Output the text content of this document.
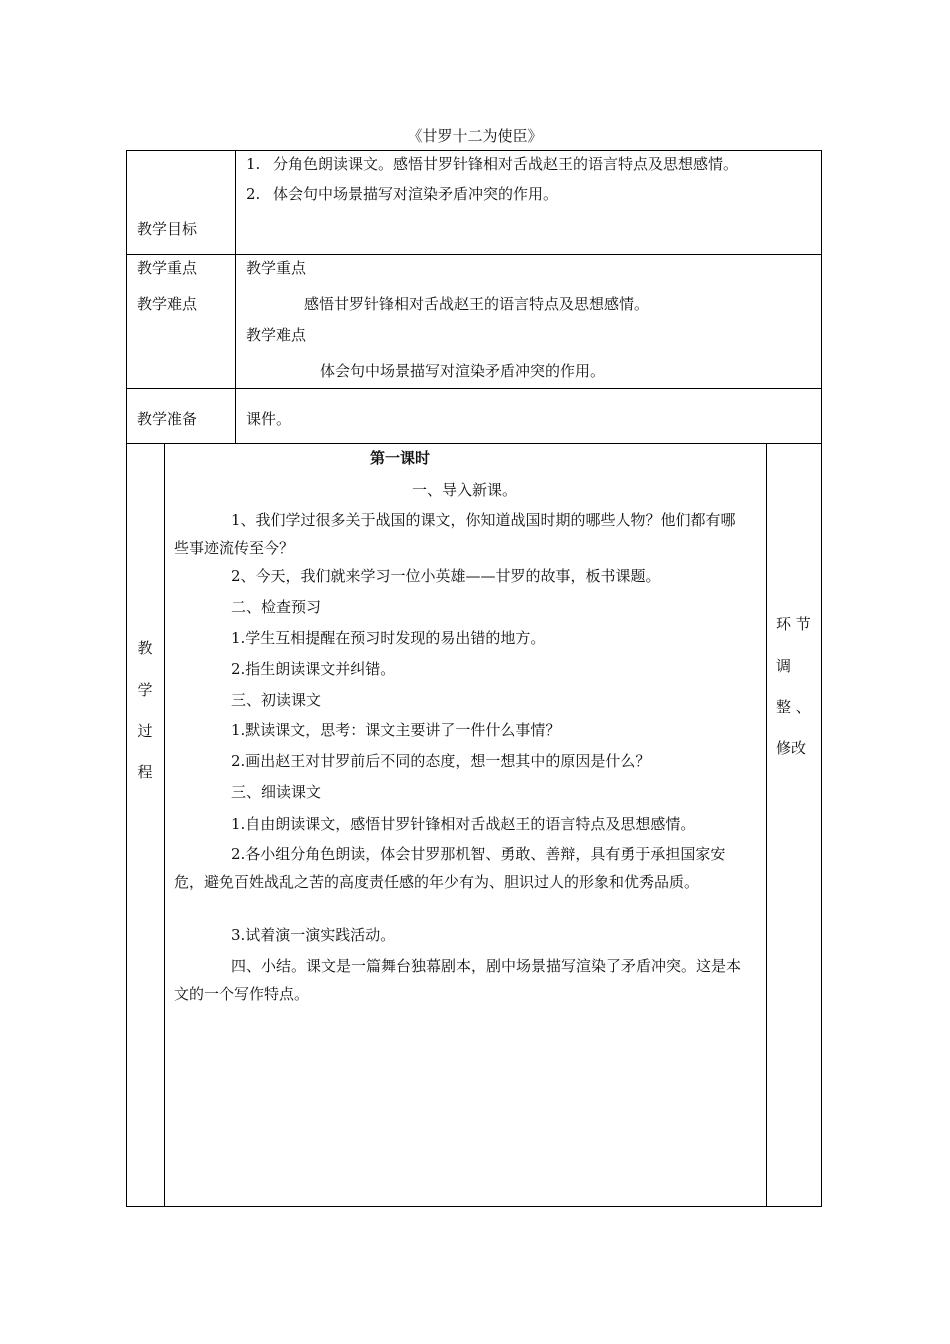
《甘罗十二为使臣》
教学目标
1. 分角色朗读课文。感悟甘罗针锋相对舌战赵王的语言特点及思想感情。
2. 体会句中场景描写对渲染矛盾冲突的作用。
教学重点
教学难点
教学重点
感悟甘罗针锋相对舌战赵王的语言特点及思想感情。
教学难点
体会句中场景描写对渲染矛盾冲突的作用。
教学准备	课件。
教
学
过
程
环 节
调
整 、
修改
第一课时
一、导入新课。
1、我们学过很多关于战国的课文，你知道战国时期的哪些人物？他们都有哪些事迹流传至今？
2、今天，我们就来学习一位小英雄——甘罗的故事，板书课题。
二、检查预习
1.学生互相提醒在预习时发现的易出错的地方。
2.指生朗读课文并纠错。
三、初读课文
1.默读课文，思考：课文主要讲了一件什么事情？
2.画出赵王对甘罗前后不同的态度，想一想其中的原因是什么？
三、细读课文
1.自由朗读课文，感悟甘罗针锋相对舌战赵王的语言特点及思想感情。
2.各小组分角色朗读，体会甘罗那机智、勇敢、善辩，具有勇于承担国家安危，避免百姓战乱之苦的高度责任感的年少有为、胆识过人的形象和优秀品质。
3.试着演一演实践活动。
四、小结。课文是一篇舞台独幕剧本，剧中场景描写渲染了矛盾冲突。这是本文的一个写作特点。
